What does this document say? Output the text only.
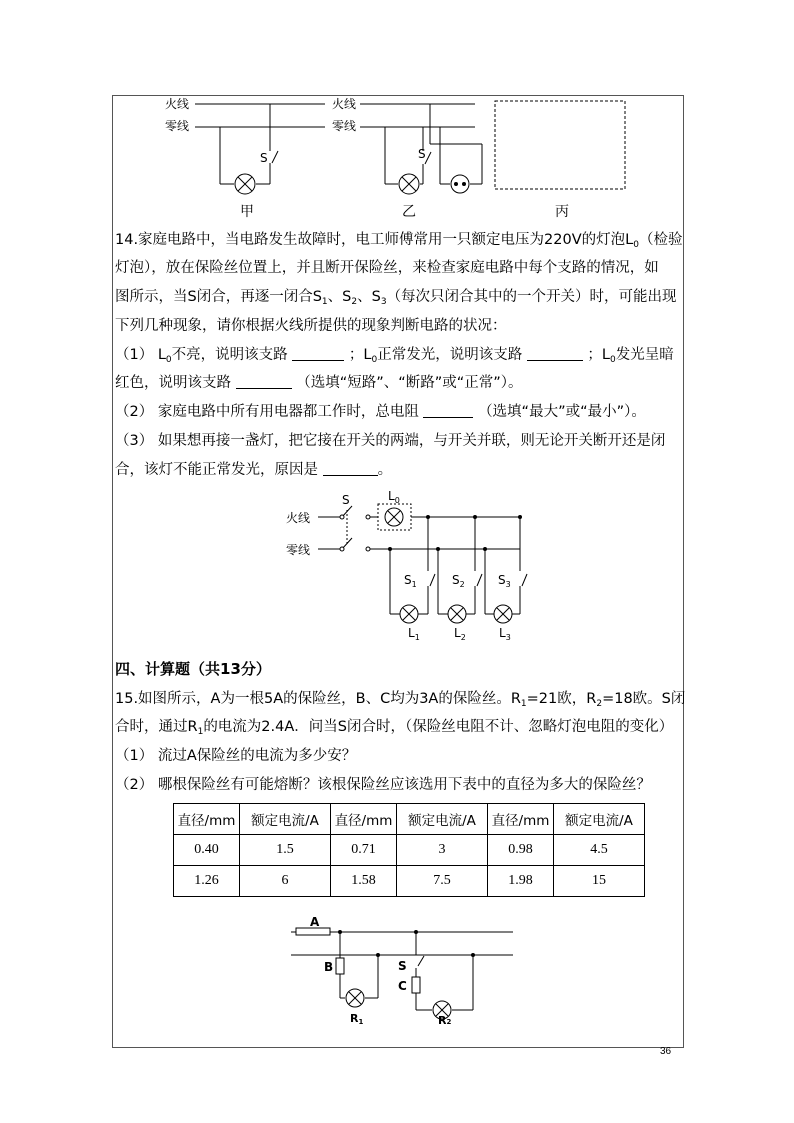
火线
零线
S
火线
零线
S
甲	乙	丙
14.家庭电路中，当电路发生故障时，电工师傅常用一只额定电压为220V的灯泡$L_0$（检验
灯泡），放在保险丝位置上，并且断开保险丝，来检查家庭电路中每个支路的情况，如
图所示，当S闭合，再逐一闭合$S_1$、$S_2$、$S_3$（每次只闭合其中的一个开关）时，可能出现
下列几种现象，请你根据火线所提供的现象判断电路的状况：
（1） $L_0$不亮，说明该支路	；$L_0$正常发光，说明该支路	；$L_0$发光呈暗
红色，说明该支路	（选填“短路”、“断路”或“正常”）。
（2） 家庭电路中所有用电器都工作时，总电阻	（选填“最大”或“最小”）。
（3） 如果想再接一盏灯，把它接在开关的两端，与开关并联，则无论开关断开还是闭
合，该灯不能正常发光，原因是	。
火线
零线
S	$L_0$
$S_1$	$S_2$	$S_3$
$L_1$	$L_2$	$L_3$
四、计算题（共13分）
15.如图所示，A为一根5A的保险丝，B、C均为3A的保险丝。$R_1=21$欧，$R_2=18$欧。S闭
合时，通过$R_1$的电流为2.4A．问当S闭合时，（保险丝电阻不计、忽略灯泡电阻的变化）
（1） 流过A保险丝的电流为多少安？
（2） 哪根保险丝有可能熔断？该根保险丝应该选用下表中的直径为多大的保险丝？
直径/mm	额定电流/A	直径/mm	额定电流/A	直径/mm	额定电流/A
0.40	1.5	0.71	3	0.98	4.5
1.26	6	1.58	7.5	1.98	15
A
B	S
C
R1	R2
36
